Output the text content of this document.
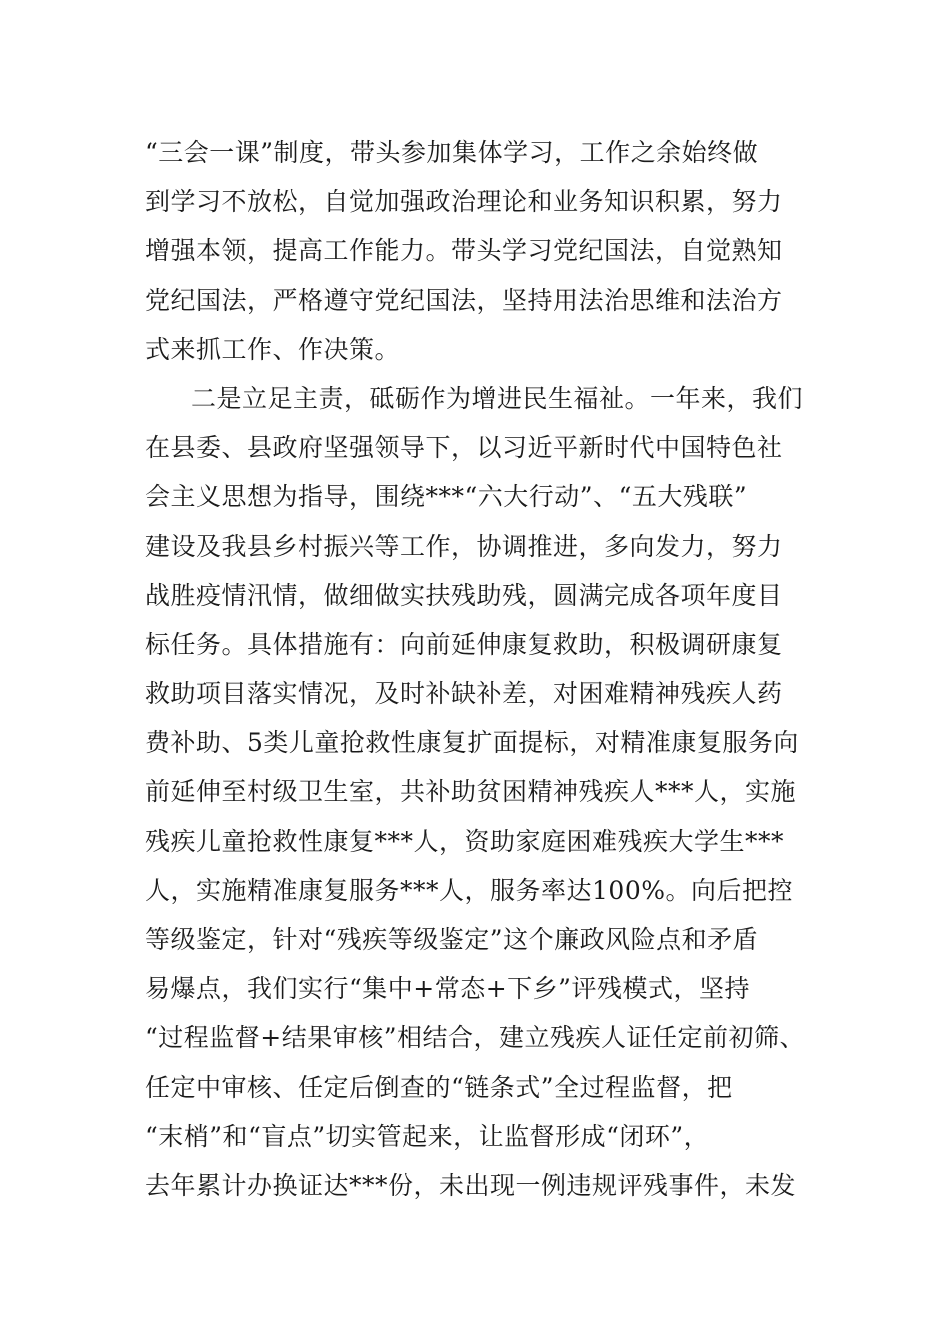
“三会一课”制度，带头参加集体学习，工作之余始终做
到学习不放松，自觉加强政治理论和业务知识积累，努力
增强本领，提高工作能力。带头学习党纪国法，自觉熟知
党纪国法，严格遵守党纪国法，坚持用法治思维和法治方
式来抓工作、作决策。
二是立足主责，砥砺作为增进民生福祉。一年来，我们
在县委、县政府坚强领导下，以习近平新时代中国特色社
会主义思想为指导，围绕***“六大行动”、“五大残联”
建设及我县乡村振兴等工作，协调推进，多向发力，努力
战胜疫情汛情，做细做实扶残助残，圆满完成各项年度目
标任务。具体措施有：向前延伸康复救助，积极调研康复
救助项目落实情况，及时补缺补差，对困难精神残疾人药
费补助、5类儿童抢救性康复扩面提标，对精准康复服务向
前延伸至村级卫生室，共补助贫困精神残疾人***人，实施
残疾儿童抢救性康复***人，资助家庭困难残疾大学生***
人，实施精准康复服务***人，服务率达100%。向后把控
等级鉴定，针对“残疾等级鉴定”这个廉政风险点和矛盾
易爆点，我们实行“集中+常态+下乡”评残模式，坚持
“过程监督+结果审核”相结合，建立残疾人证任定前初筛、
任定中审核、任定后倒查的“链条式”全过程监督，把
“末梢”和“盲点”切实管起来，让监督形成“闭环”，
去年累计办换证达***份，未出现一例违规评残事件，未发
